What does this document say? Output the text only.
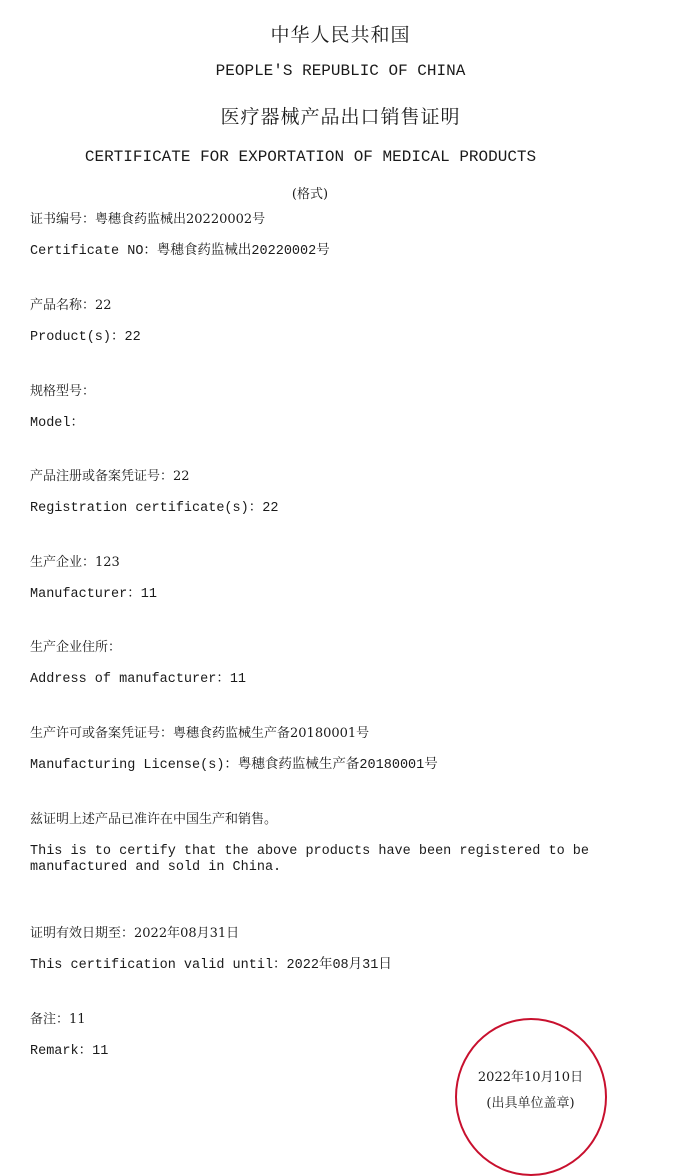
中华人民共和国
PEOPLE'S REPUBLIC OF CHINA
医疗器械产品出口销售证明
CERTIFICATE FOR EXPORTATION OF MEDICAL PRODUCTS
(格式)
证书编号：粤穗食药监械出20220002号
Certificate NO：粤穗食药监械出20220002号
产品名称：22
Product(s)：22
规格型号：
Model：
产品注册或备案凭证号：22
Registration certificate(s)：22
生产企业：123
Manufacturer：11
生产企业住所：
Address of manufacturer：11
生产许可或备案凭证号：粤穗食药监械生产备20180001号
Manufacturing License(s)：粤穗食药监械生产备20180001号
兹证明上述产品已准许在中国生产和销售。
This is to certify that the above products have been registered to be
manufactured and sold in China.
证明有效日期至：2022年08月31日
This certification valid until：2022年08月31日
备注：11
Remark：11
2022年10月10日
(出具单位盖章)
